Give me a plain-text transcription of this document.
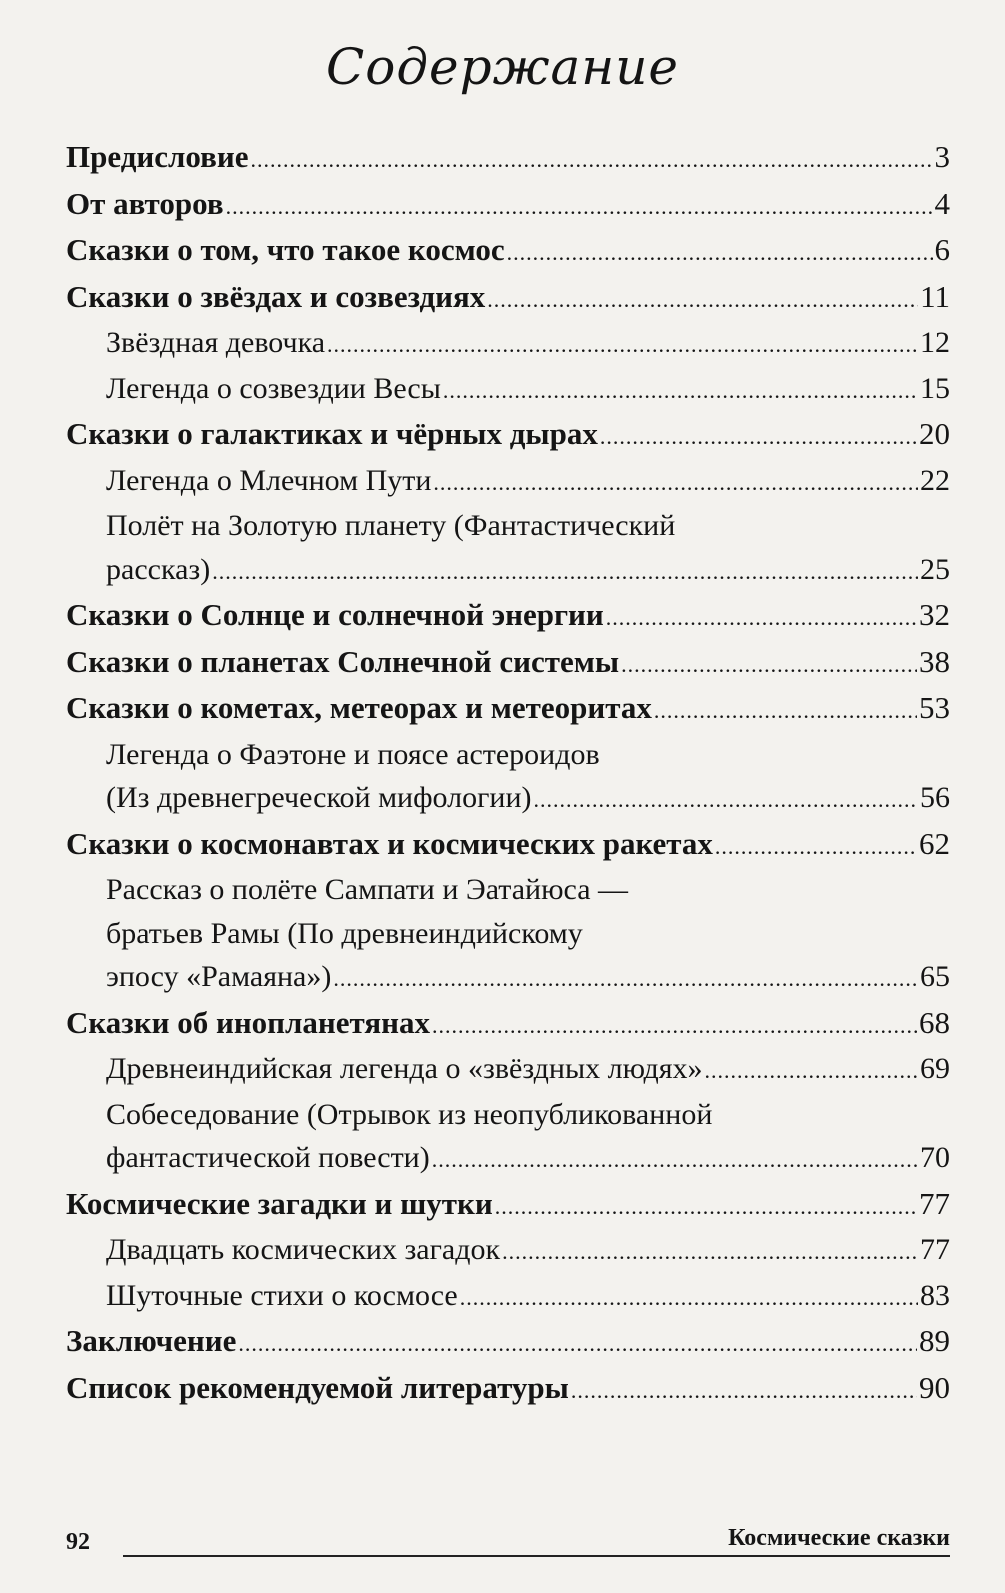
Содержание
Предисловие .....	3
От авторов .....	4
Сказки о том, что такое космос .....	6
Сказки о звёздах и созвездиях .....	11
Звёздная девочка .....	12
Легенда о созвездии Весы .....	15
Сказки о галактиках и чёрных дырах .....	20
Легенда о Млечном Пути .....	22
Полёт на Золотую планету (Фантастический
рассказ) .....	25
Сказки о Солнце и солнечной энергии .....	32
Сказки о планетах Солнечной системы .....	38
Сказки о кометах, метеорах и метеоритах .....	53
Легенда о Фаэтоне и поясе астероидов
(Из древнегреческой мифологии) .....	56
Сказки о космонавтах и космических ракетах .....	62
Рассказ о полёте Сампати и Эатайюса —
братьев Рамы (По древнеиндийскому
эпосу «Рамаяна») .....	65
Сказки об инопланетянах .....	68
Древнеиндийская легенда о «звёздных людях» .....	69
Собеседование (Отрывок из неопубликованной
фантастической повести) .....	70
Космические загадки и шутки .....	77
Двадцать космических загадок .....	77
Шуточные стихи о космосе .....	83
Заключение .....	89
Список рекомендуемой литературы .....	90
92	Космические сказки
